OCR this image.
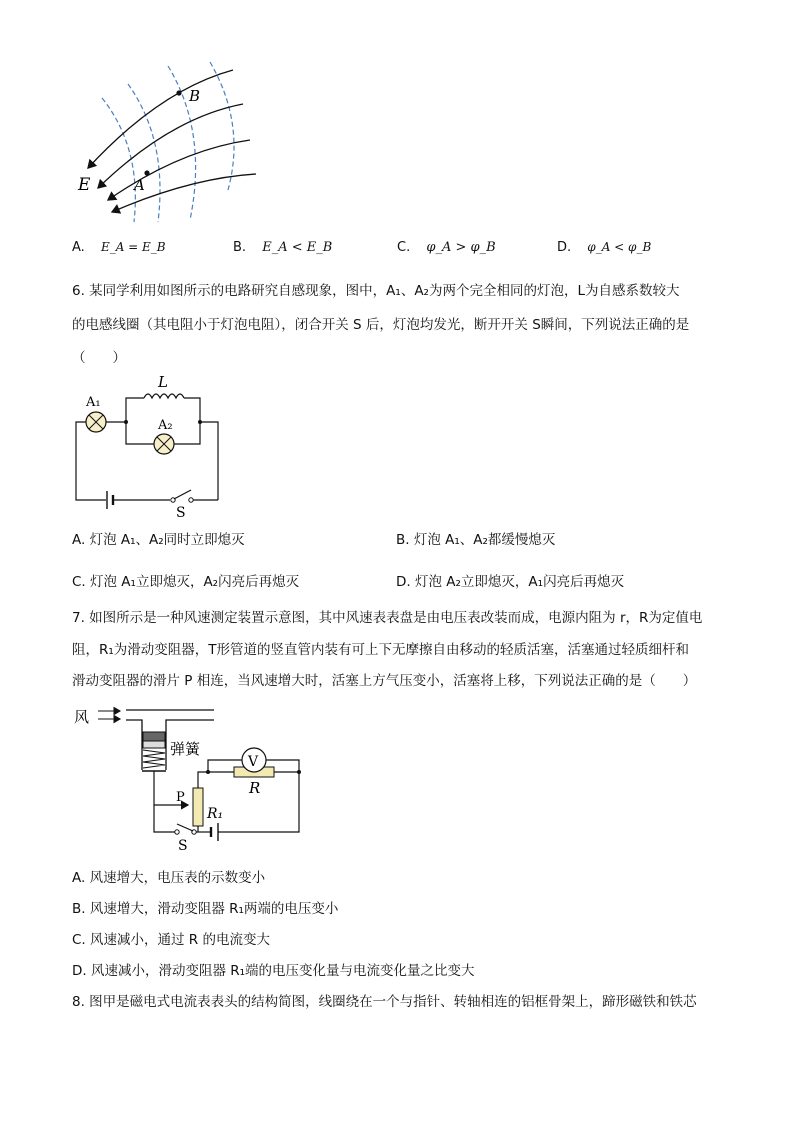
B
A
E
A. E_A = E_B	B. E_A < E_B	C. φ_A > φ_B	D. φ_A < φ_B
6. 某同学利用如图所示的电路研究自感现象，图中，A₁、A₂为两个完全相同的灯泡，L为自感系数较大
的电感线圈（其电阻小于灯泡电阻），闭合开关 S 后，灯泡均发光，断开开关 S瞬间，下列说法正确的是
（　　）
S
A₁
L
A₂
A. 灯泡 A₁、A₂同时立即熄灭	B. 灯泡 A₁、A₂都缓慢熄灭
C. 灯泡 A₁立即熄灭，A₂闪亮后再熄灭	D. 灯泡 A₂立即熄灭，A₁闪亮后再熄灭
7. 如图所示是一种风速测定装置示意图，其中风速表表盘是由电压表改装而成，电源内阻为 r，R为定值电
阻，R₁为滑动变阻器，T形管道的竖直管内装有可上下无摩擦自由移动的轻质活塞，活塞通过轻质细杆和
滑动变阻器的滑片 P 相连，当风速增大时，活塞上方气压变小，活塞将上移，下列说法正确的是（　　）
风
弹簧
P
R₁
R
V
S
A. 风速增大，电压表的示数变小
B. 风速增大，滑动变阻器 R₁两端的电压变小
C. 风速减小，通过 R 的电流变大
D. 风速减小，滑动变阻器 R₁端的电压变化量与电流变化量之比变大
8. 图甲是磁电式电流表表头的结构简图，线圈绕在一个与指针、转轴相连的铝框骨架上，蹄形磁铁和铁芯
